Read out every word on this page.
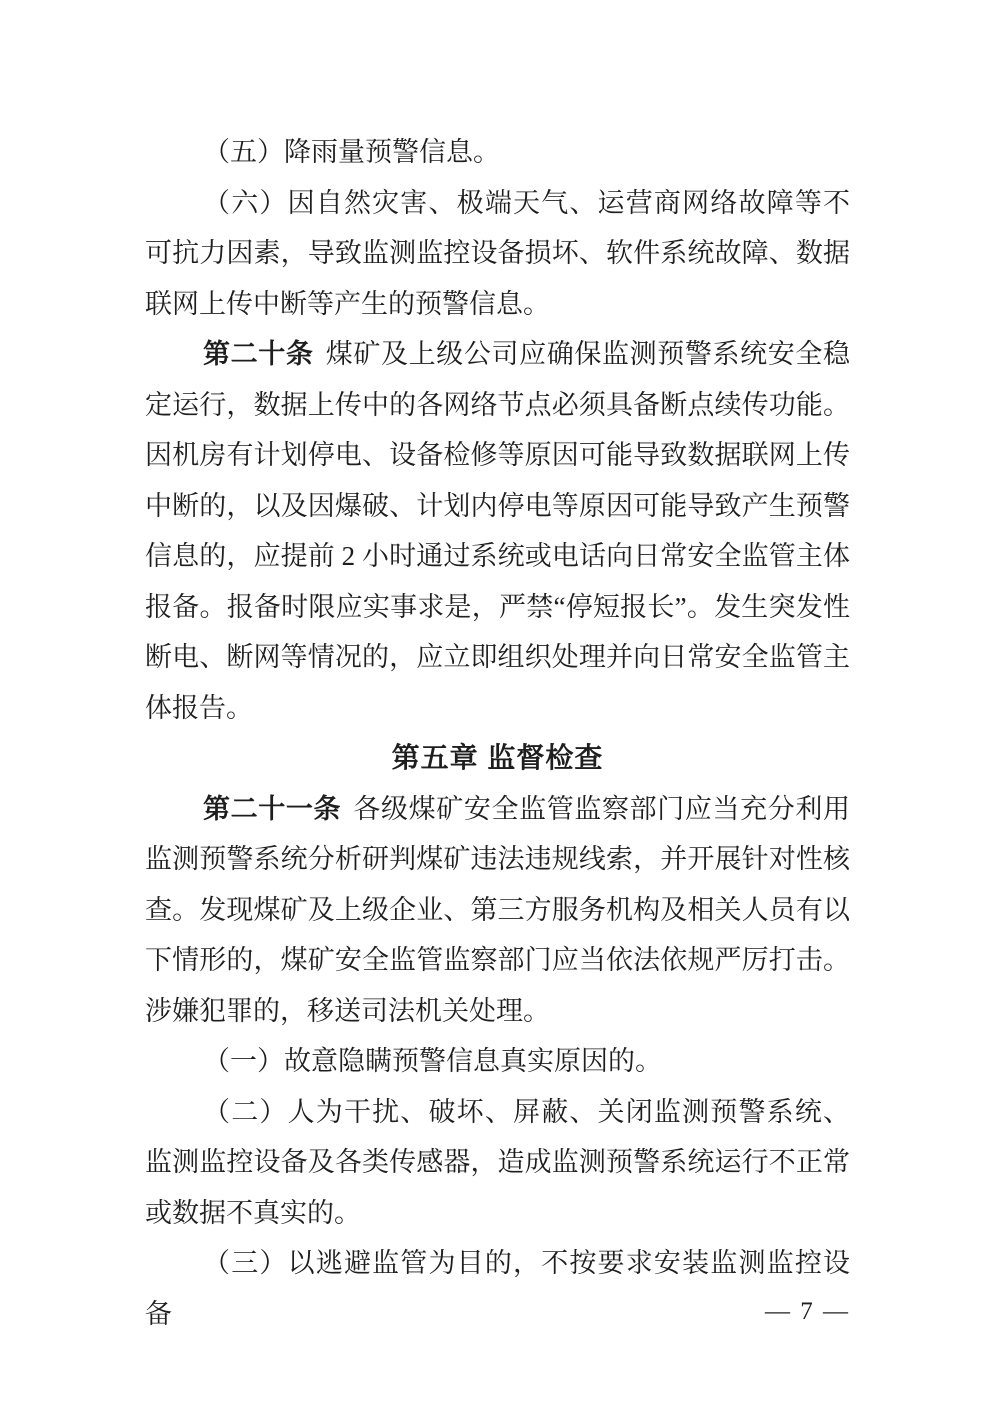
（五）降雨量预警信息。

（六）因自然灾害、极端天气、运营商网络故障等不可抗力因素，导致监测监控设备损坏、软件系统故障、数据联网上传中断等产生的预警信息。

第二十条 煤矿及上级公司应确保监测预警系统安全稳定运行，数据上传中的各网络节点必须具备断点续传功能。因机房有计划停电、设备检修等原因可能导致数据联网上传中断的，以及因爆破、计划内停电等原因可能导致产生预警信息的，应提前 2 小时通过系统或电话向日常安全监管主体报备。报备时限应实事求是，严禁“停短报长”。发生突发性断电、断网等情况的，应立即组织处理并向日常安全监管主体报告。

第五章 监督检查

第二十一条 各级煤矿安全监管监察部门应当充分利用监测预警系统分析研判煤矿违法违规线索，并开展针对性核查。发现煤矿及上级企业、第三方服务机构及相关人员有以下情形的，煤矿安全监管监察部门应当依法依规严厉打击。涉嫌犯罪的，移送司法机关处理。

（一）故意隐瞒预警信息真实原因的。

（二）人为干扰、破坏、屏蔽、关闭监测预警系统、监测监控设备及各类传感器，造成监测预警系统运行不正常或数据不真实的。

（三）以逃避监管为目的，不按要求安装监测监控设备	— 7 —
